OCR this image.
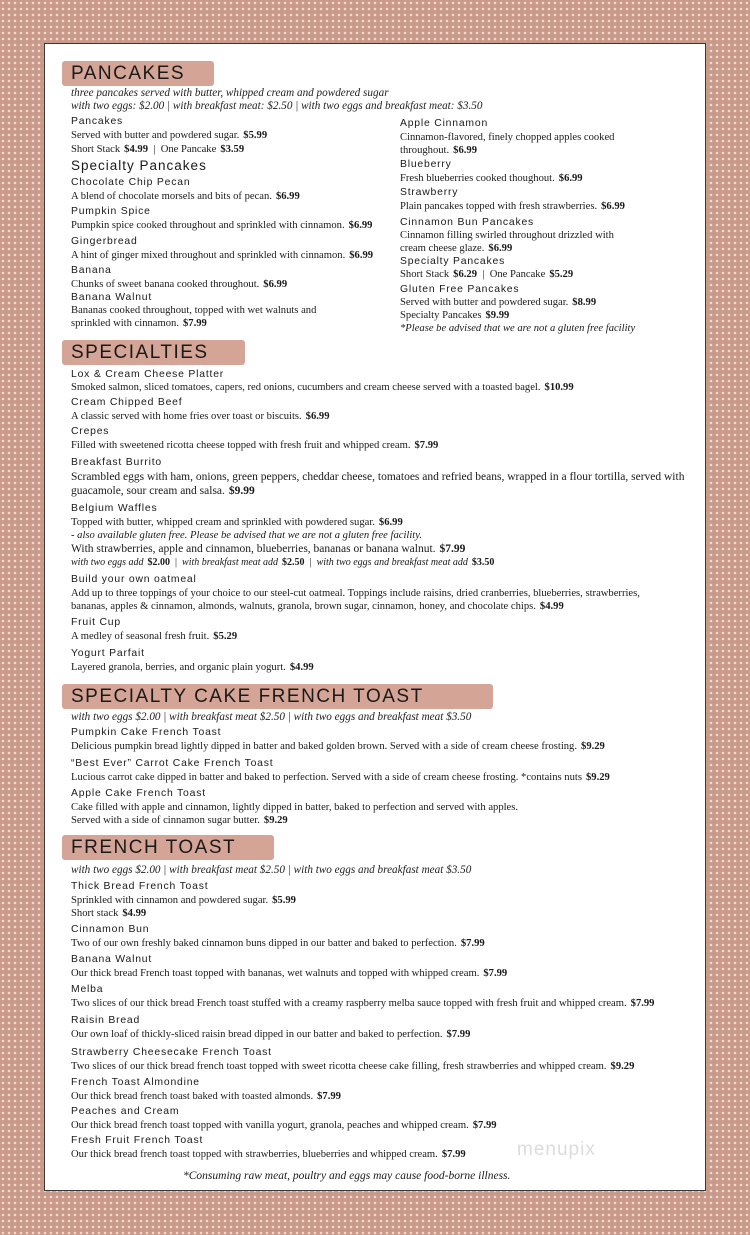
PANCAKES
three pancakes served with butter, whipped cream and powdered sugar
with two eggs: $2.00 | with breakfast meat: $2.50 | with two eggs and breakfast meat: $3.50
Pancakes
Served with butter and powdered sugar. $5.99
Short Stack $4.99  |  One Pancake $3.59
Specialty Pancakes
Chocolate Chip Pecan
A blend of chocolate morsels and bits of pecan. $6.99
Pumpkin Spice
Pumpkin spice cooked throughout and sprinkled with cinnamon. $6.99
Gingerbread
A hint of ginger mixed throughout and sprinkled with cinnamon. $6.99
Banana
Chunks of sweet banana cooked throughout. $6.99
Banana Walnut
Bananas cooked throughout, topped with wet walnuts and
sprinkled with cinnamon. $7.99
Apple Cinnamon
Cinnamon-flavored, finely chopped apples cooked
throughout. $6.99
Blueberry
Fresh blueberries cooked thoughout. $6.99
Strawberry
Plain pancakes topped with fresh strawberries. $6.99
Cinnamon Bun Pancakes
Cinnamon filling swirled throughout drizzled with
cream cheese glaze. $6.99
Specialty Pancakes
Short Stack $6.29  |  One Pancake $5.29
Gluten Free Pancakes
Served with butter and powdered sugar. $8.99
Specialty Pancakes $9.99
*Please be advised that we are not a gluten free facility
SPECIALTIES
Lox & Cream Cheese Platter
Smoked salmon, sliced tomatoes, capers, red onions, cucumbers and cream cheese served with a toasted bagel. $10.99
Cream Chipped Beef
A classic served with home fries over toast or biscuits. $6.99
Crepes
Filled with sweetened ricotta cheese topped with fresh fruit and whipped cream. $7.99
Breakfast Burrito
Scrambled eggs with ham, onions, green peppers, cheddar cheese, tomatoes and refried beans, wrapped in a flour tortilla, served with
guacamole, sour cream and salsa. $9.99
Belgium Waffles
Topped with butter, whipped cream and sprinkled with powdered sugar. $6.99
- also available gluten free. Please be advised that we are not a gluten free facility.
With strawberries, apple and cinnamon, blueberries, bananas or banana walnut. $7.99
with two eggs add $2.00  |  with breakfast meat add $2.50  |  with two eggs and breakfast meat add $3.50
Build your own oatmeal
Add up to three toppings of your choice to our steel-cut oatmeal. Toppings include raisins, dried cranberries, blueberries, strawberries,
bananas, apples & cinnamon, almonds, walnuts, granola, brown sugar, cinnamon, honey, and chocolate chips. $4.99
Fruit Cup
A medley of seasonal fresh fruit. $5.29
Yogurt Parfait
Layered granola, berries, and organic plain yogurt. $4.99
SPECIALTY CAKE FRENCH TOAST
with two eggs $2.00 | with breakfast meat $2.50 | with two eggs and breakfast meat $3.50
Pumpkin Cake French Toast
Delicious pumpkin bread lightly dipped in batter and baked golden brown. Served with a side of cream cheese frosting. $9.29
“Best Ever” Carrot Cake French Toast
Lucious carrot cake dipped in batter and baked to perfection. Served with a side of cream cheese frosting. *contains nuts $9.29
Apple Cake French Toast
Cake filled with apple and cinnamon, lightly dipped in batter, baked to perfection and served with apples.
Served with a side of cinnamon sugar butter. $9.29
FRENCH TOAST
with two eggs $2.00 | with breakfast meat $2.50 | with two eggs and breakfast meat $3.50
Thick Bread French Toast
Sprinkled with cinnamon and powdered sugar. $5.99
Short stack $4.99
Cinnamon Bun
Two of our own freshly baked cinnamon buns dipped in our batter and baked to perfection. $7.99
Banana Walnut
Our thick bread French toast topped with bananas, wet walnuts and topped with whipped cream. $7.99
Melba
Two slices of our thick bread French toast stuffed with a creamy raspberry melba sauce topped with fresh fruit and whipped cream. $7.99
Raisin Bread
Our own loaf of thickly-sliced raisin bread dipped in our batter and baked to perfection. $7.99
Strawberry Cheesecake French Toast
Two slices of our thick bread french toast topped with sweet ricotta cheese cake filling, fresh strawberries and whipped cream. $9.29
French Toast Almondine
Our thick bread french toast baked with toasted almonds. $7.99
Peaches and Cream
Our thick bread french toast topped with vanilla yogurt, granola, peaches and whipped cream. $7.99
Fresh Fruit French Toast
Our thick bread french toast topped with strawberries, blueberries and whipped cream. $7.99	menupix
*Consuming raw meat, poultry and eggs may cause food-borne illness.
